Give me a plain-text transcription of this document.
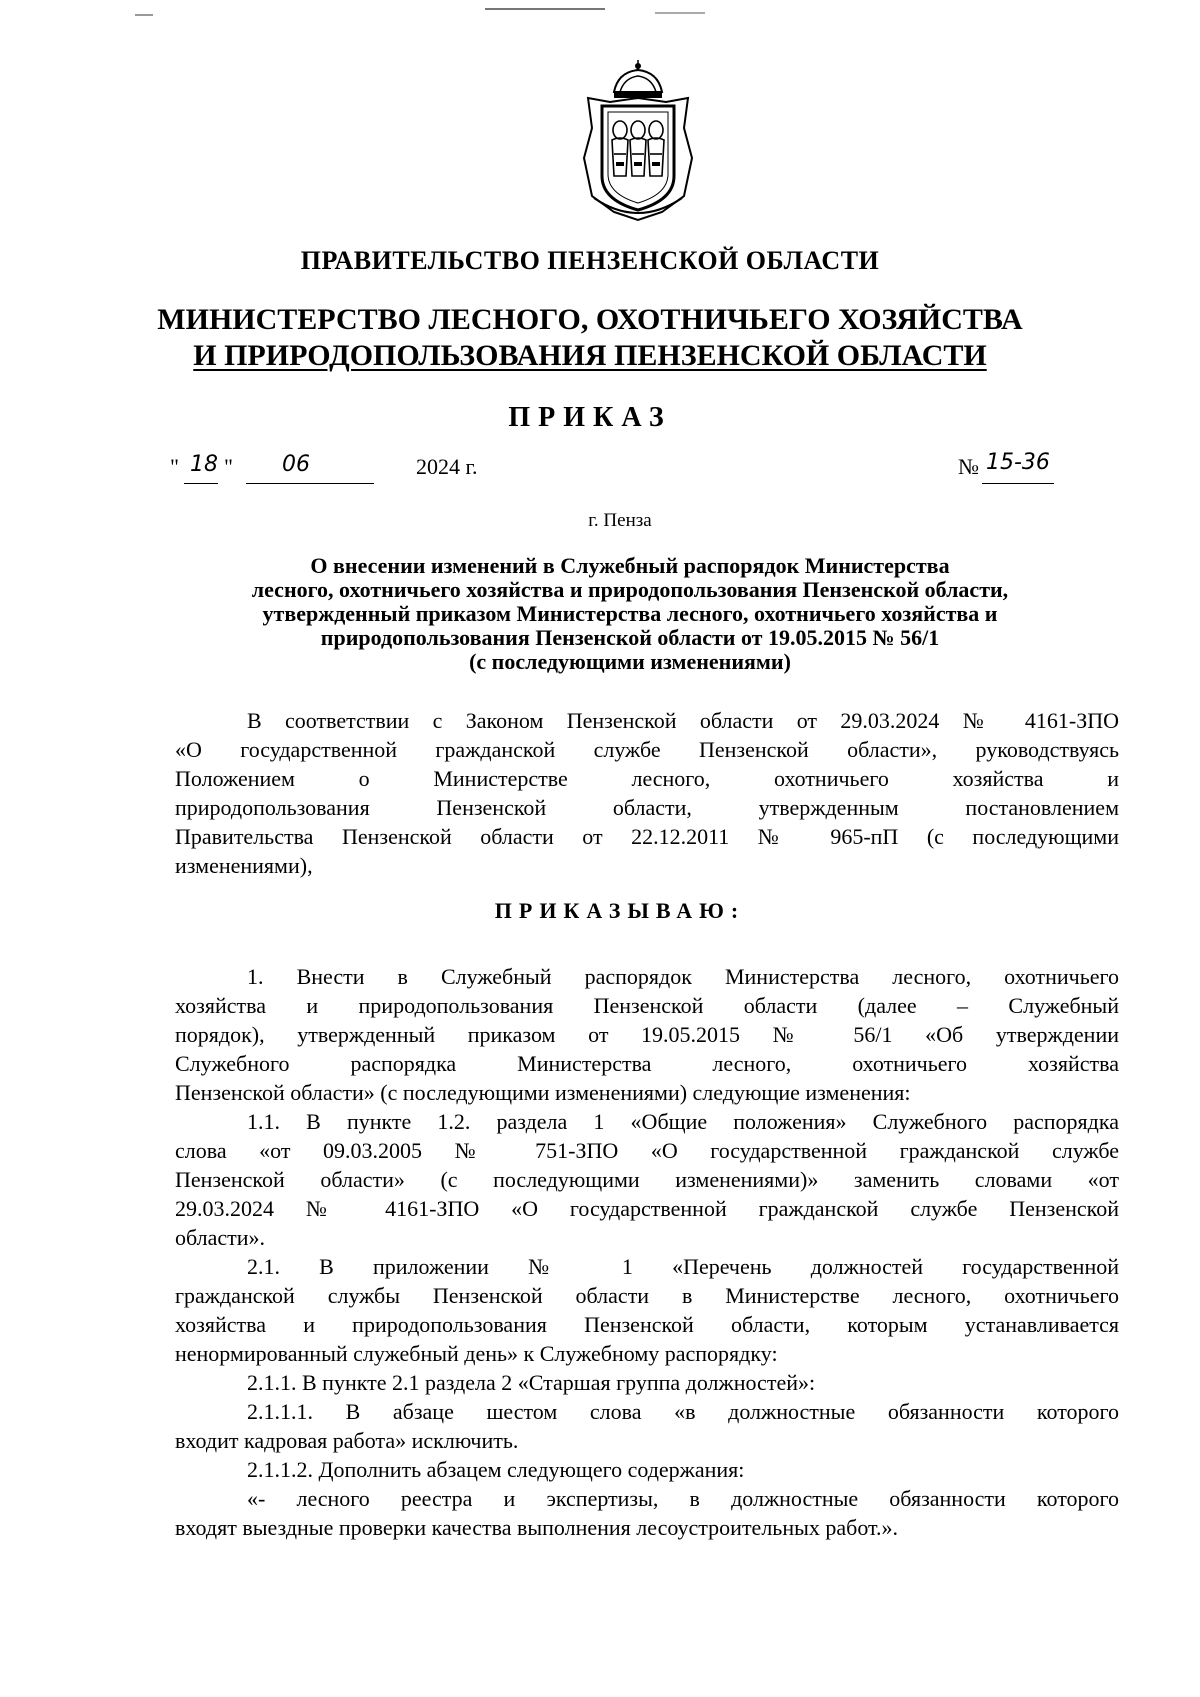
ПРАВИТЕЛЬСТВО ПЕНЗЕНСКОЙ ОБЛАСТИ
МИНИСТЕРСТВО ЛЕСНОГО, ОХОТНИЧЬЕГО ХОЗЯЙСТВА
И ПРИРОДОПОЛЬЗОВАНИЯ ПЕНЗЕНСКОЙ ОБЛАСТИ
ПРИКАЗ
" 18 " 06	2024 г.	№ 15-36
г. Пенза
О внесении изменений в Служебный распорядок Министерства
лесного, охотничьего хозяйства и природопользования Пензенской области,
утвержденный приказом Министерства лесного, охотничьего хозяйства и
природопользования Пензенской области от 19.05.2015 № 56/1
(с последующими изменениями)
В соответствии с Законом Пензенской области от 29.03.2024 № 4161-ЗПО
«О государственной гражданской службе Пензенской области», руководствуясь
Положением о Министерстве лесного, охотничьего хозяйства и
природопользования Пензенской области, утвержденным постановлением
Правительства Пензенской области от 22.12.2011 № 965-пП (с последующими
изменениями),
ПРИКАЗЫВАЮ:
1. Внести в Служебный распорядок Министерства лесного, охотничьего
хозяйства и природопользования Пензенской области (далее – Служебный
порядок), утвержденный приказом от 19.05.2015 № 56/1 «Об утверждении
Служебного распорядка Министерства лесного, охотничьего хозяйства
Пензенской области» (с последующими изменениями) следующие изменения:
1.1. В пункте 1.2. раздела 1 «Общие положения» Служебного распорядка
слова «от 09.03.2005 № 751-ЗПО «О государственной гражданской службе
Пензенской области» (с последующими изменениями)» заменить словами «от
29.03.2024 № 4161-ЗПО «О государственной гражданской службе Пензенской
области».
2.1. В приложении № 1 «Перечень должностей государственной
гражданской службы Пензенской области в Министерстве лесного, охотничьего
хозяйства и природопользования Пензенской области, которым устанавливается
ненормированный служебный день» к Служебному распорядку:
2.1.1. В пункте 2.1 раздела 2 «Старшая группа должностей»:
2.1.1.1. В абзаце шестом слова «в должностные обязанности которого
входит кадровая работа» исключить.
2.1.1.2. Дополнить абзацем следующего содержания:
«- лесного реестра и экспертизы, в должностные обязанности которого
входят выездные проверки качества выполнения лесоустроительных работ.».
